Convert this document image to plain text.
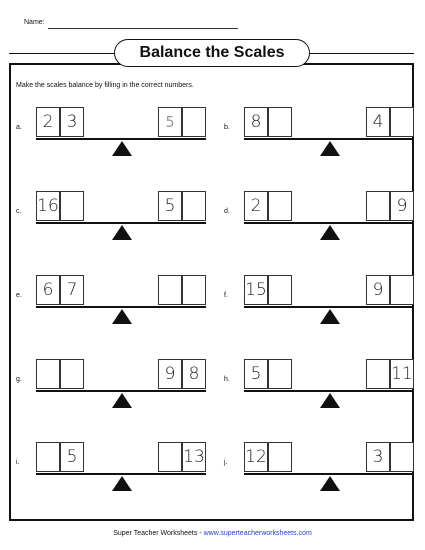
Name:
Balance the Scales
Make the scales balance by filling in the correct numbers.
a.	2 3	5	b.	8	4
c. 16	5	d.	2	9
e.	6 7	f. 15	9
g.	9 8	h.	5	11
i.	5	13	j. 12	3
Super Teacher Worksheets - www.superteacherworksheets.com
